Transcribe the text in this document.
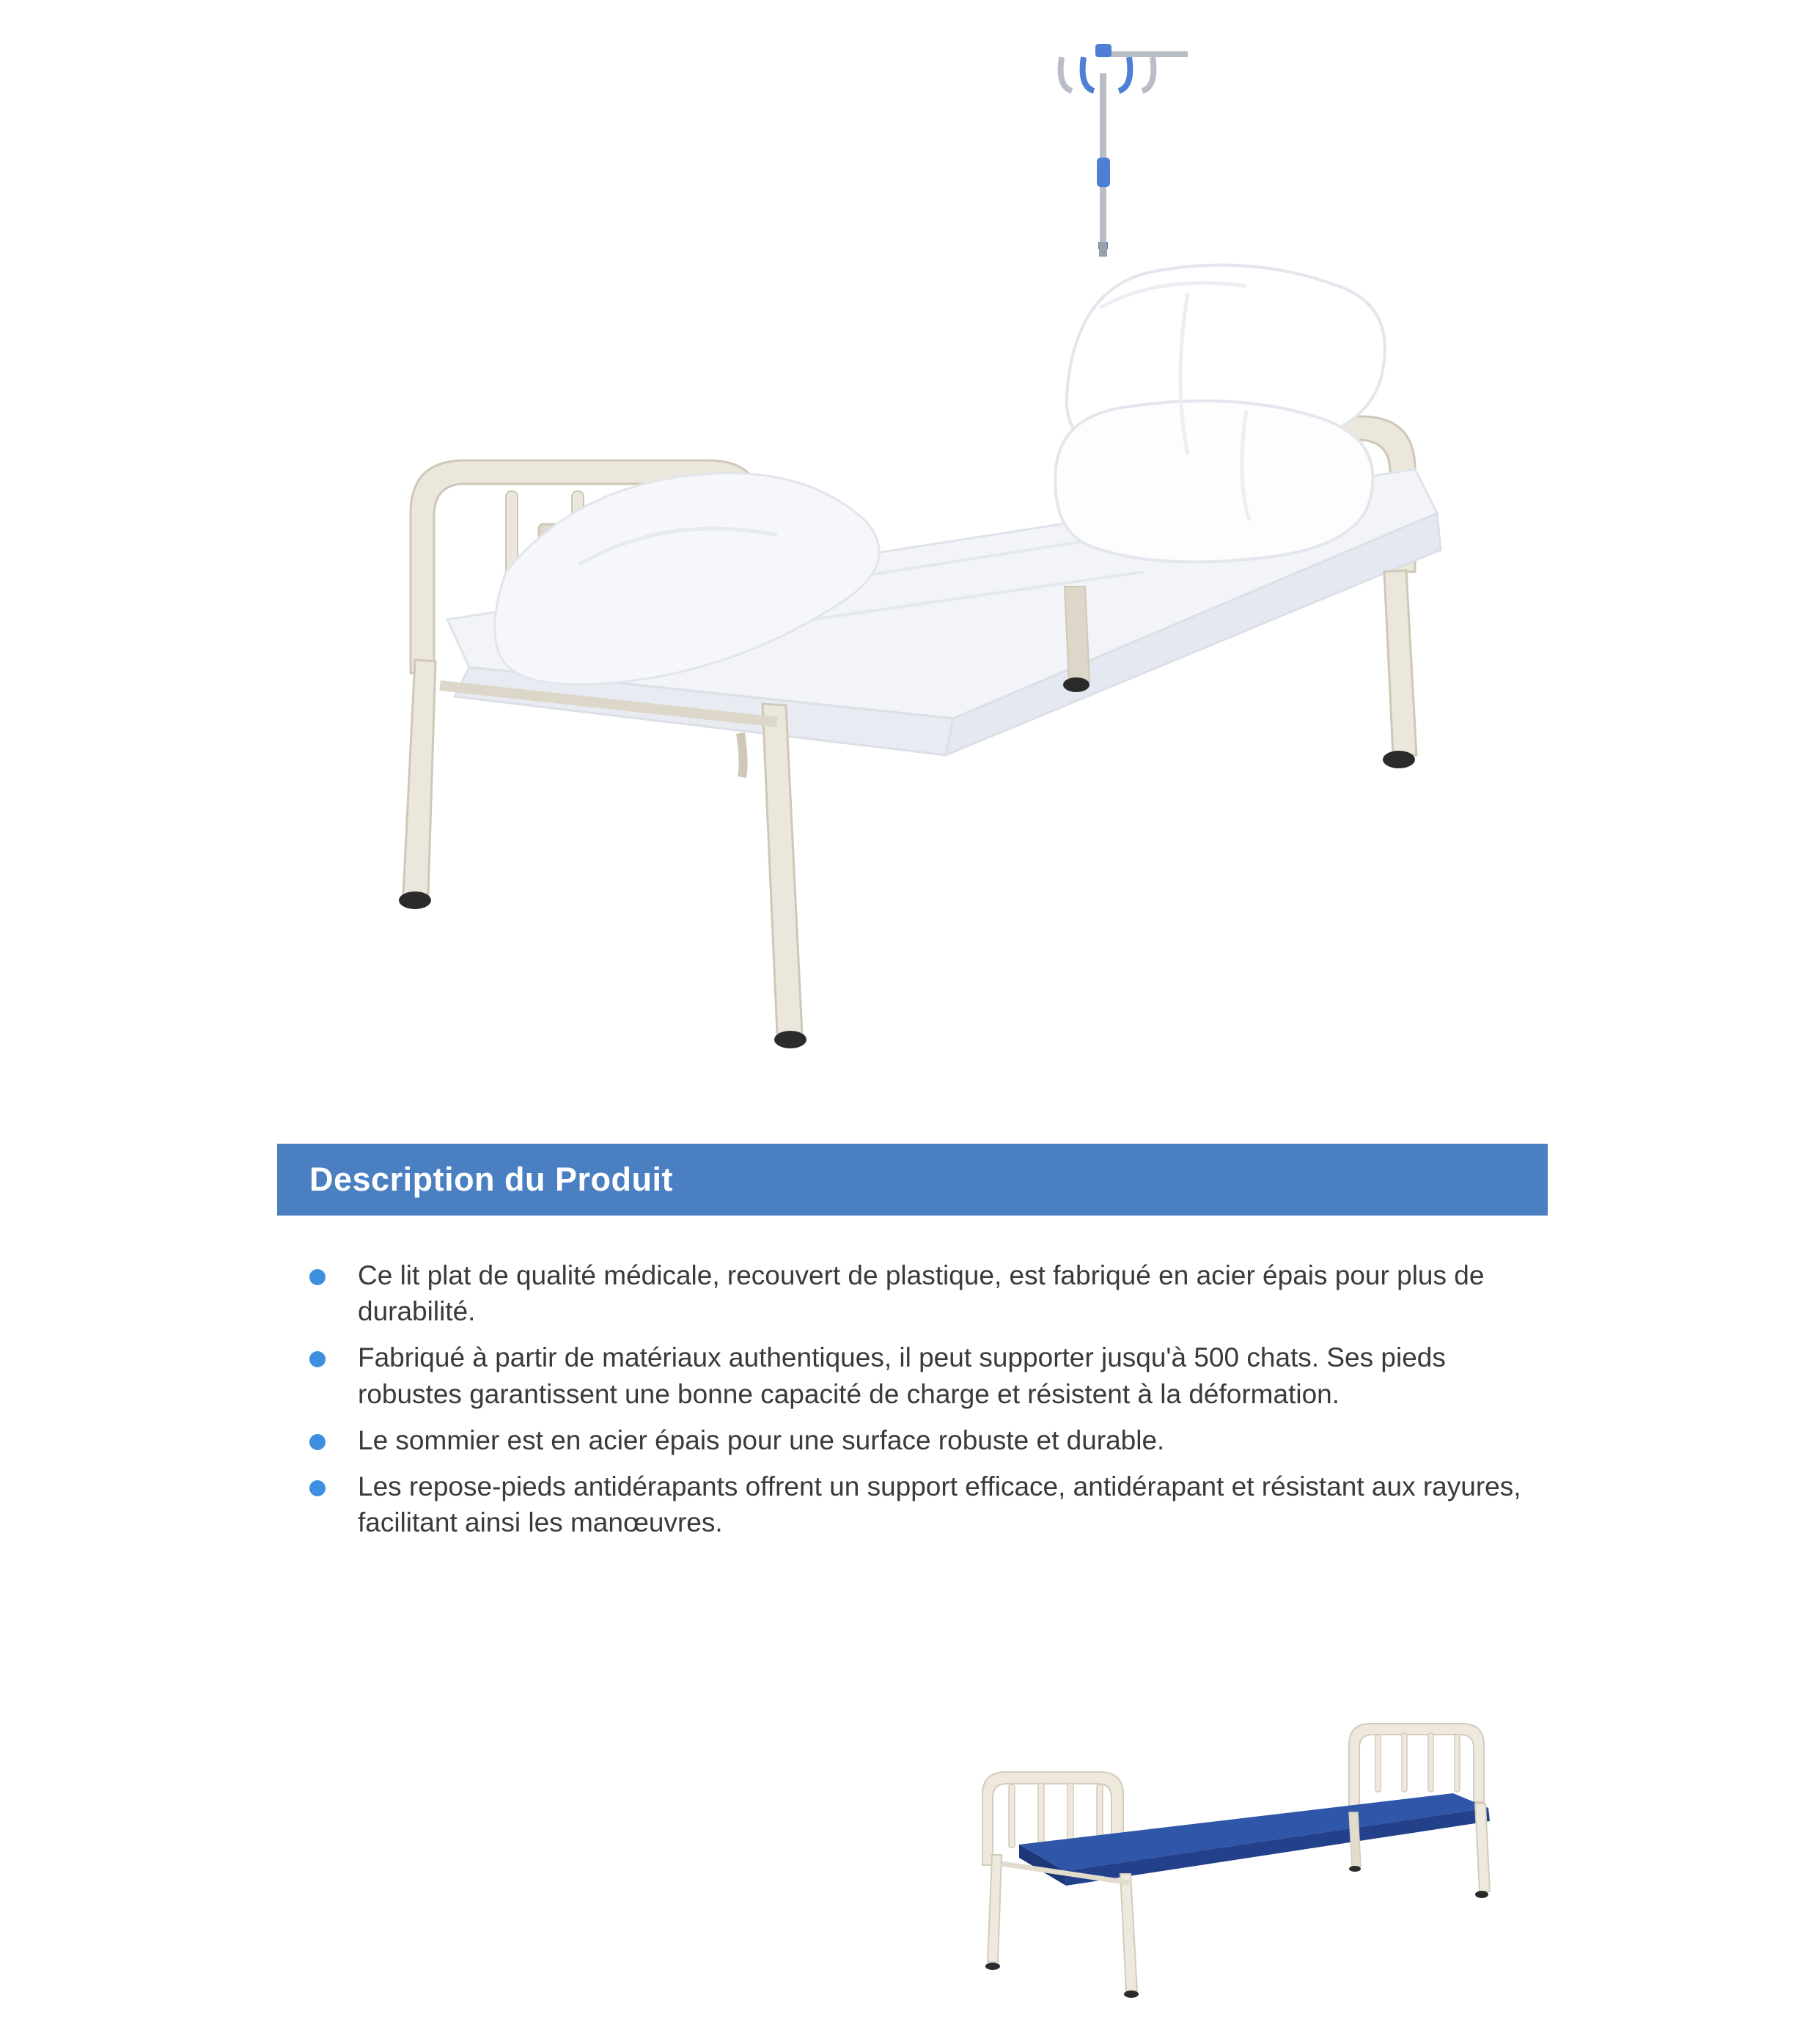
Description du Produit
Ce lit plat de qualité médicale, recouvert de plastique, est fabriqué en acier épais pour plus de durabilité.
Fabriqué à partir de matériaux authentiques, il peut supporter jusqu'à 500 chats. Ses pieds robustes garantissent une bonne capacité de charge et résistent à la déformation.
Le sommier est en acier épais pour une surface robuste et durable.
Les repose-pieds antidérapants offrent un support efficace, antidérapant et résistant aux rayures, facilitant ainsi les manœuvres.
